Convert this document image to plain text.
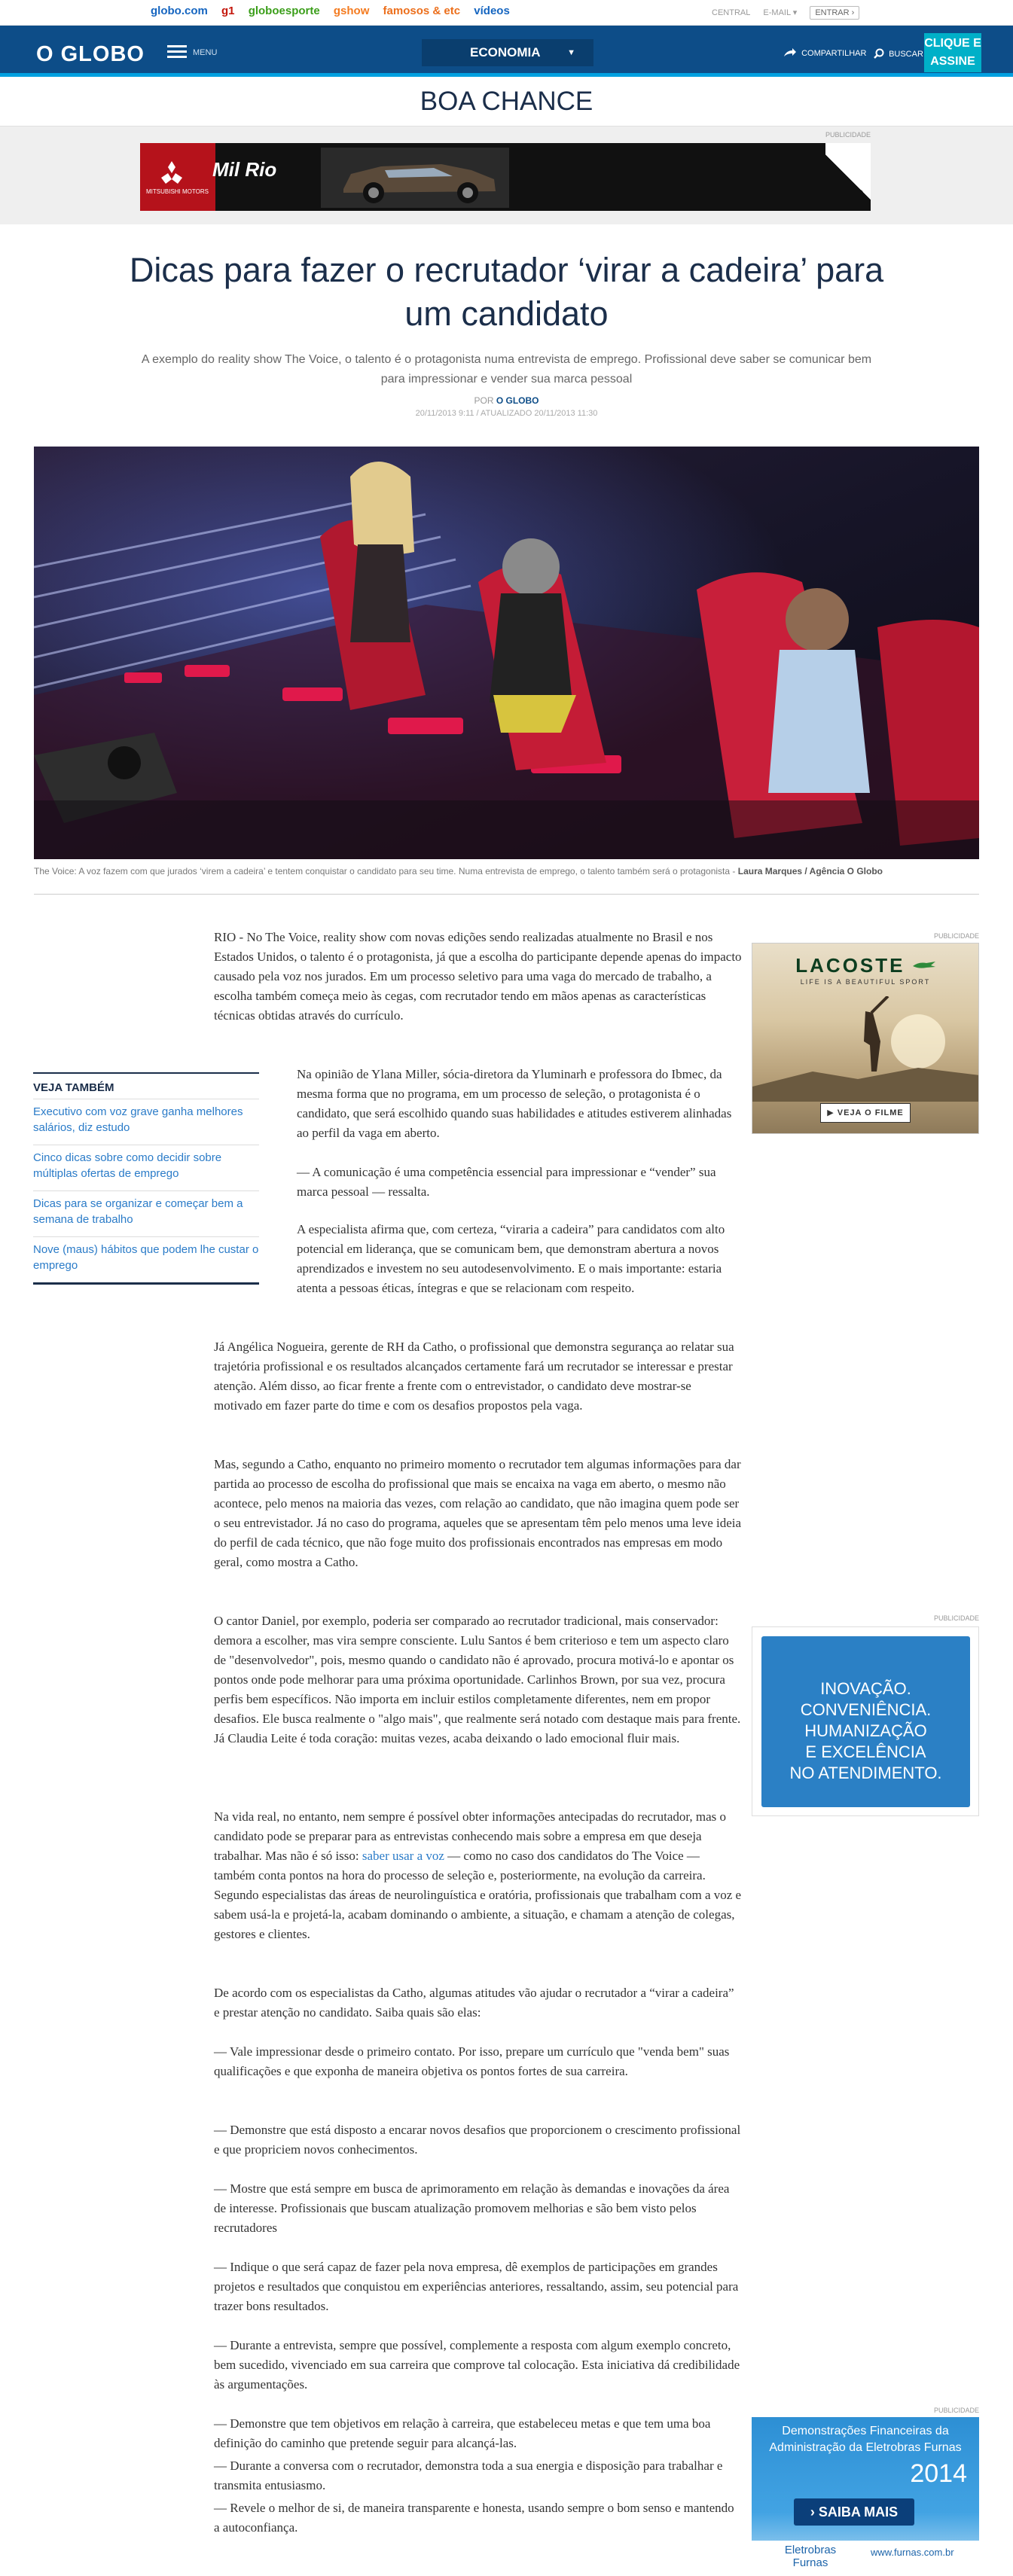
globo.com g1 globoesporte gshow famosos & etc vídeos	CENTRAL E-MAIL ▾ ENTRAR ›
O GLOBO	MENU	ECONOMIA	▼	COMPARTILHAR	BUSCAR
CLIQUE E
ASSINE
BOA CHANCE
PUBLICIDADE
MITSUBISHI MOTORS
Mil Rio
Dicas para fazer o recrutador ‘virar a cadeira’ para um candidato

A exemplo do reality show The Voice, o talento é o protagonista numa entrevista de emprego. Profissional deve saber se comunicar bem para impressionar e vender sua marca pessoal

POR O GLOBO
20/11/2013 9:11 / ATUALIZADO 20/11/2013 11:30
The Voice: A voz fazem com que jurados ‘virem a cadeira’ e tentem conquistar o candidato para seu time. Numa entrevista de emprego, o talento também será o protagonista - Laura Marques / Agência O Globo

RIO - No The Voice, reality show com novas edições sendo realizadas atualmente no Brasil e nos Estados Unidos, o talento é o protagonista, já que a escolha do participante depende apenas do impacto causado pela voz nos jurados. Em um processo seletivo para uma vaga do mercado de trabalho, a escolha também começa meio às cegas, com recrutador tendo em mãos apenas as características técnicas obtidas através do currículo.

Na opinião de Ylana Miller, sócia-diretora da Yluminarh e professora do Ibmec, da mesma forma que no programa, em um processo de seleção, o protagonista é o candidato, que será escolhido quando suas habilidades e atitudes estiverem alinhadas ao perfil da vaga em aberto.

— A comunicação é uma competência essencial para impressionar e “vender” sua marca pessoal — ressalta.

A especialista afirma que, com certeza, “viraria a cadeira” para candidatos com alto potencial em liderança, que se comunicam bem, que demonstram abertura a novos aprendizados e investem no seu autodesenvolvimento. E o mais importante: estaria atenta a pessoas éticas, íntegras e que se relacionam com respeito.

Já Angélica Nogueira, gerente de RH da Catho, o profissional que demonstra segurança ao relatar sua trajetória profissional e os resultados alcançados certamente fará um recrutador se interessar e prestar atenção. Além disso, ao ficar frente a frente com o entrevistador, o candidato deve mostrar-se motivado em fazer parte do time e com os desafios propostos pela vaga.

Mas, segundo a Catho, enquanto no primeiro momento o recrutador tem algumas informações para dar partida ao processo de escolha do profissional que mais se encaixa na vaga em aberto, o mesmo não acontece, pelo menos na maioria das vezes, com relação ao candidato, que não imagina quem pode ser o seu entrevistador. Já no caso do programa, aqueles que se apresentam têm pelo menos uma leve ideia do perfil de cada técnico, que não foge muito dos profissionais encontrados nas empresas em modo geral, como mostra a Catho.

O cantor Daniel, por exemplo, poderia ser comparado ao recrutador tradicional, mais conservador: demora a escolher, mas vira sempre consciente. Lulu Santos é bem criterioso e tem um aspecto claro de "desenvolvedor", pois, mesmo quando o candidato não é aprovado, procura motivá-lo e apontar os pontos onde pode melhorar para uma próxima oportunidade. Carlinhos Brown, por sua vez, procura perfis bem específicos. Não importa em incluir estilos completamente diferentes, nem em propor desafios. Ele busca realmente o "algo mais", que realmente será notado com destaque mais para frente. Já Claudia Leite é toda coração: muitas vezes, acaba deixando o lado emocional fluir mais.

Na vida real, no entanto, nem sempre é possível obter informações antecipadas do recrutador, mas o candidato pode se preparar para as entrevistas conhecendo mais sobre a empresa em que deseja trabalhar. Mas não é só isso: saber usar a voz — como no caso dos candidatos do The Voice — também conta pontos na hora do processo de seleção e, posteriormente, na evolução da carreira. Segundo especialistas das áreas de neurolinguística e oratória, profissionais que trabalham com a voz e sabem usá-la e projetá-la, acabam dominando o ambiente, a situação, e chamam a atenção de colegas, gestores e clientes.

De acordo com os especialistas da Catho, algumas atitudes vão ajudar o recrutador a “virar a cadeira” e prestar atenção no candidato. Saiba quais são elas:

— Vale impressionar desde o primeiro contato. Por isso, prepare um currículo que "venda bem" suas qualificações e que exponha de maneira objetiva os pontos fortes de sua carreira.

— Demonstre que está disposto a encarar novos desafios que proporcionem o crescimento profissional e que propriciem novos conhecimentos.

— Mostre que está sempre em busca de aprimoramento em relação às demandas e inovações da área de interesse. Profissionais que buscam atualização promovem melhorias e são bem visto pelos recrutadores

— Indique o que será capaz de fazer pela nova empresa, dê exemplos de participações em grandes projetos e resultados que conquistou em experiências anteriores, ressaltando, assim, seu potencial para trazer bons resultados.

— Durante a entrevista, sempre que possível, complemente a resposta com algum exemplo concreto, bem sucedido, vivenciado em sua carreira que comprove tal colocação. Esta iniciativa dá credibilidade às argumentações.

— Demonstre que tem objetivos em relação à carreira, que estabeleceu metas e que tem uma boa definição do caminho que pretende seguir para alcançá-las.

— Durante a conversa com o recrutador, demonstra toda a sua energia e disposição para trabalhar e transmita entusiasmo.

— Revele o melhor de si, de maneira transparente e honesta, usando sempre o bom senso e mantendo a autoconfiança.

VEJA TAMBÉM
Executivo com voz grave ganha melhores salários, diz estudo
Cinco dicas sobre como decidir sobre múltiplas ofertas de emprego
Dicas para se organizar e começar bem a semana de trabalho
Nove (maus) hábitos que podem lhe custar o emprego
PUBLICIDADE
LACOSTE
LIFE IS A BEAUTIFUL SPORT
▶ VEJA O FILME
PUBLICIDADE
INOVAÇÃO.
CONVENIÊNCIA.
HUMANIZAÇÃO
E EXCELÊNCIA
NO ATENDIMENTO.
PUBLICIDADE
Demonstrações Financeiras da
Administração da Eletrobras Furnas
2014
› SAIBA MAIS
Eletrobras Furnas
www.furnas.com.br
